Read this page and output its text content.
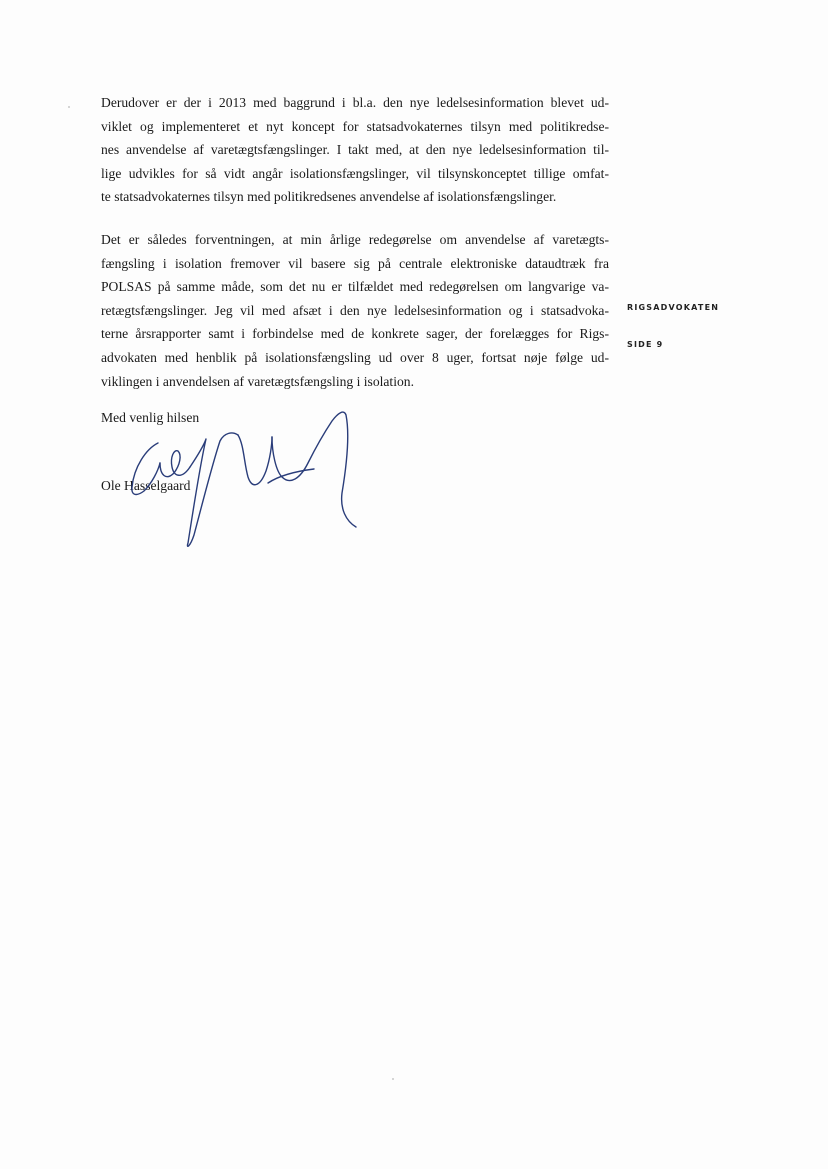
Derudover er der i 2013 med baggrund i bl.a. den nye ledelsesinformation blevet ud-
viklet og implementeret et nyt koncept for statsadvokaternes tilsyn med politikredse-
nes anvendelse af varetægtsfængslinger. I takt med, at den nye ledelsesinformation til-
lige udvikles for så vidt angår isolationsfængslinger, vil tilsynskonceptet tillige omfat-
te statsadvokaternes tilsyn med politikredsenes anvendelse af isolationsfængslinger.
Det er således forventningen, at min årlige redegørelse om anvendelse af varetægts-
fængsling i isolation fremover vil basere sig på centrale elektroniske dataudtræk fra
POLSAS på samme måde, som det nu er tilfældet med redegørelsen om langvarige va-
retægtsfængslinger. Jeg vil med afsæt i den nye ledelsesinformation og i statsadvoka-
terne årsrapporter samt i forbindelse med de konkrete sager, der forelægges for Rigs-
advokaten med henblik på isolationsfængsling ud over 8 uger, fortsat nøje følge ud-
viklingen i anvendelsen af varetægtsfængsling i isolation.

Med venlig hilsen

Ole Hasselgaard

RIGSADVOKATEN
SIDE 9
